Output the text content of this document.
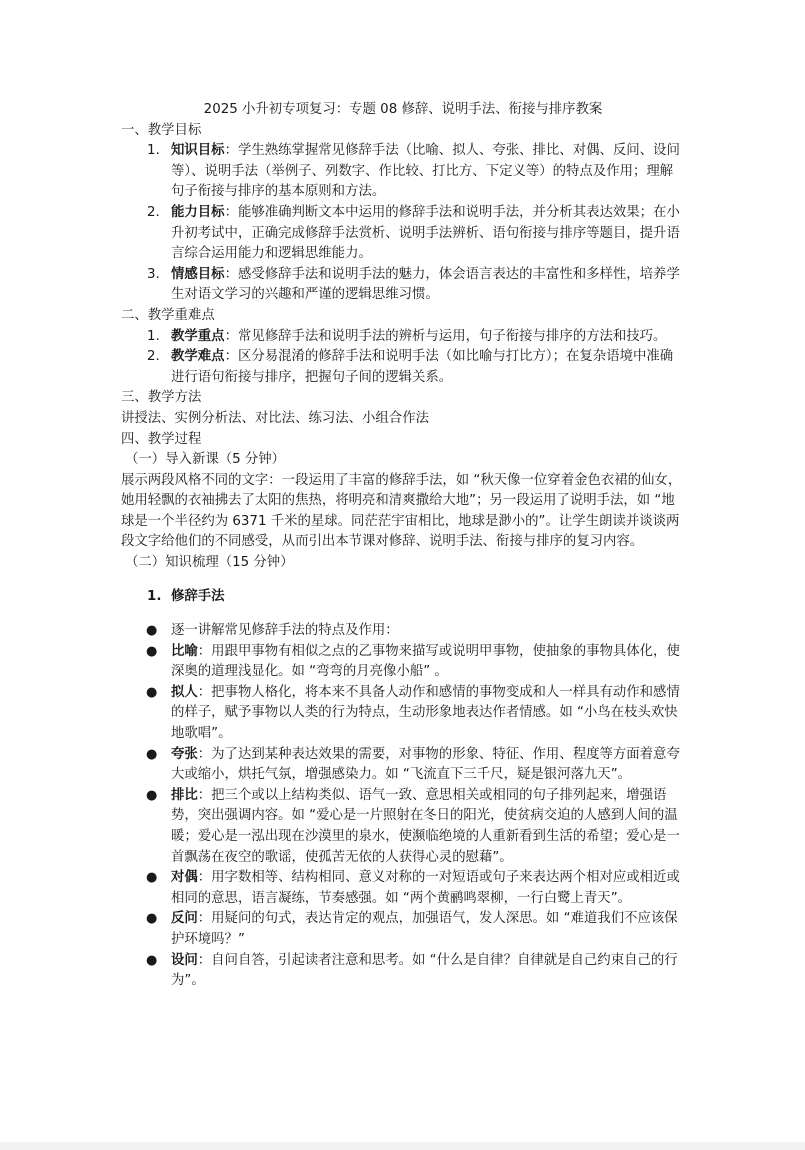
2025 小升初专项复习：专题 08 修辞、说明手法、衔接与排序教案

一、教学目标

1. 知识目标：学生熟练掌握常见修辞手法（比喻、拟人、夸张、排比、对偶、反问、设问等）、说明手法（举例子、列数字、作比较、打比方、下定义等）的特点及作用；理解句子衔接与排序的基本原则和方法。
2. 能力目标：能够准确判断文本中运用的修辞手法和说明手法，并分析其表达效果；在小升初考试中，正确完成修辞手法赏析、说明手法辨析、语句衔接与排序等题目，提升语言综合运用能力和逻辑思维能力。
3. 情感目标：感受修辞手法和说明手法的魅力，体会语言表达的丰富性和多样性，培养学生对语文学习的兴趣和严谨的逻辑思维习惯。

二、教学重难点

1. 教学重点：常见修辞手法和说明手法的辨析与运用，句子衔接与排序的方法和技巧。
2. 教学难点：区分易混淆的修辞手法和说明手法（如比喻与打比方）；在复杂语境中准确进行语句衔接与排序，把握句子间的逻辑关系。

三、教学方法

讲授法、实例分析法、对比法、练习法、小组合作法

四、教学过程

（一）导入新课（5 分钟）

展示两段风格不同的文字：一段运用了丰富的修辞手法，如 “秋天像一位穿着金色衣裙的仙女，她用轻飘的衣袖拂去了太阳的焦热，将明亮和清爽撒给大地”；另一段运用了说明手法，如 “地球是一个半径约为 6371 千米的星球。同茫茫宇宙相比，地球是渺小的”。让学生朗读并谈谈两段文字给他们的不同感受，从而引出本节课对修辞、说明手法、衔接与排序的复习内容。

（二）知识梳理（15 分钟）

1. 修辞手法

● 逐一讲解常见修辞手法的特点及作用：
● 比喻：用跟甲事物有相似之点的乙事物来描写或说明甲事物，使抽象的事物具体化，使深奥的道理浅显化。如 “弯弯的月亮像小船” 。
● 拟人：把事物人格化，将本来不具备人动作和感情的事物变成和人一样具有动作和感情的样子，赋予事物以人类的行为特点，生动形象地表达作者情感。如 “小鸟在枝头欢快地歌唱”。
● 夸张：为了达到某种表达效果的需要，对事物的形象、特征、作用、程度等方面着意夸大或缩小，烘托气氛，增强感染力。如 “飞流直下三千尺，疑是银河落九天”。
● 排比：把三个或以上结构类似、语气一致、意思相关或相同的句子排列起来，增强语势，突出强调内容。如 “爱心是一片照射在冬日的阳光，使贫病交迫的人感到人间的温暖；爱心是一泓出现在沙漠里的泉水，使濒临绝境的人重新看到生活的希望；爱心是一首飘荡在夜空的歌谣，使孤苦无依的人获得心灵的慰藉”。
● 对偶：用字数相等、结构相同、意义对称的一对短语或句子来表达两个相对应或相近或相同的意思，语言凝练，节奏感强。如 “两个黄鹂鸣翠柳，一行白鹭上青天”。
● 反问：用疑问的句式，表达肯定的观点，加强语气，发人深思。如 “难道我们不应该保护环境吗？”
● 设问：自问自答，引起读者注意和思考。如 “什么是自律？自律就是自己约束自己的行为”。
